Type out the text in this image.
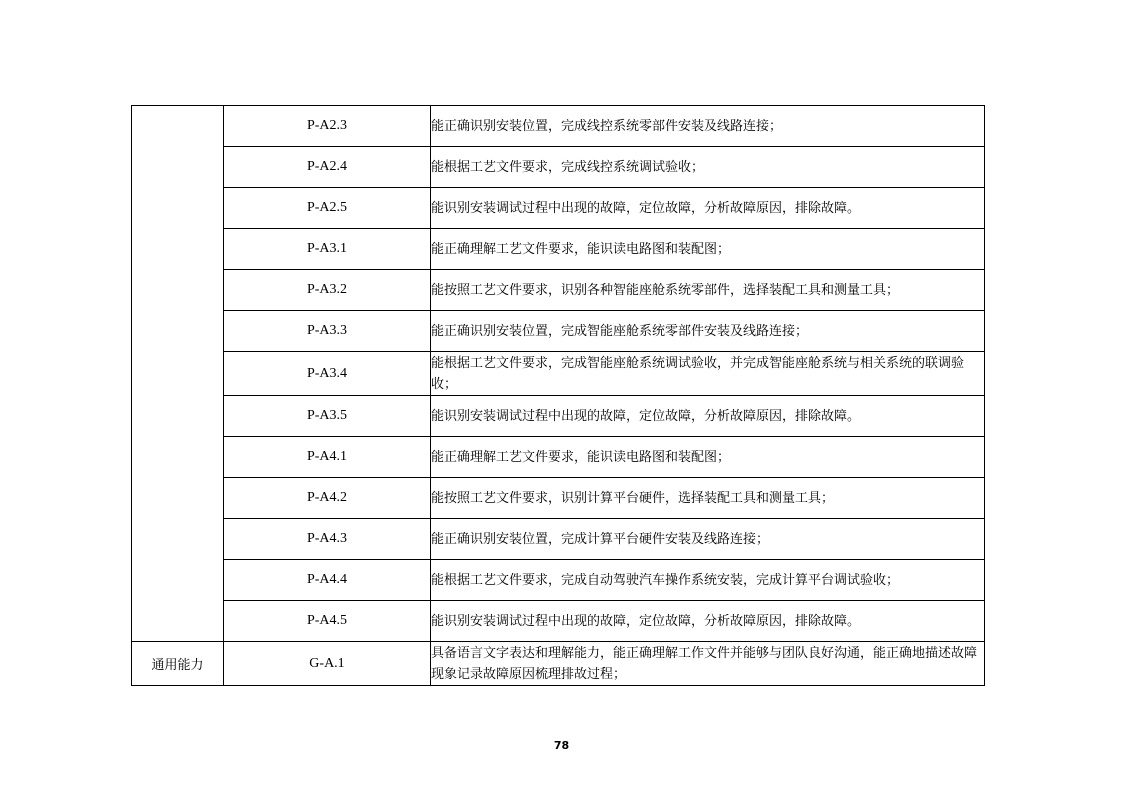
	P-A2.3	能正确识别安装位置，完成线控系统零部件安装及线路连接；
	P-A2.4	能根据工艺文件要求，完成线控系统调试验收；
	P-A2.5	能识别安装调试过程中出现的故障，定位故障，分析故障原因，排除故障。
	P-A3.1	能正确理解工艺文件要求，能识读电路图和装配图；
	P-A3.2	能按照工艺文件要求，识别各种智能座舱系统零部件，选择装配工具和测量工具；
	P-A3.3	能正确识别安装位置，完成智能座舱系统零部件安装及线路连接；
	P-A3.4	能根据工艺文件要求，完成智能座舱系统调试验收，并完成智能座舱系统与相关系统的联调验收；
	P-A3.5	能识别安装调试过程中出现的故障，定位故障，分析故障原因，排除故障。
	P-A4.1	能正确理解工艺文件要求，能识读电路图和装配图；
	P-A4.2	能按照工艺文件要求，识别计算平台硬件，选择装配工具和测量工具；
	P-A4.3	能正确识别安装位置，完成计算平台硬件安装及线路连接；
	P-A4.4	能根据工艺文件要求，完成自动驾驶汽车操作系统安装，完成计算平台调试验收；
	P-A4.5	能识别安装调试过程中出现的故障，定位故障，分析故障原因，排除故障。
通用能力	G-A.1	具备语言文字表达和理解能力，能正确理解工作文件并能够与团队良好沟通，能正确地描述故障现象记录故障原因梳理排故过程；
78
